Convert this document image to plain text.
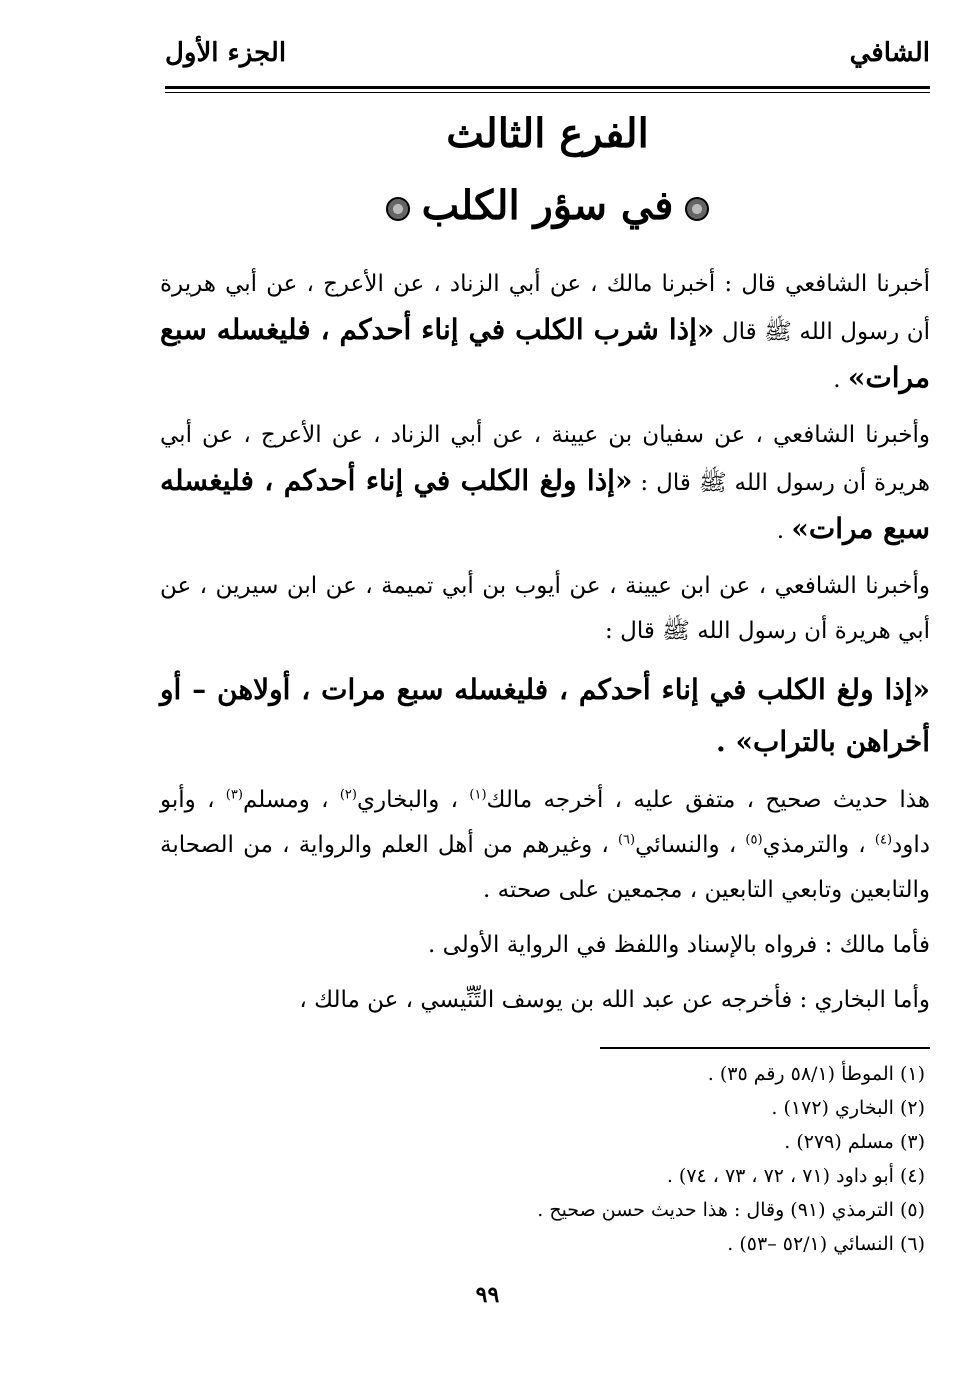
الشافي
الجزء الأول
الفرع الثالث
في سؤر الكلب

أخبرنا الشافعي قال : أخبرنا مالك ، عن أبي الزناد ، عن الأعرج ، عن أبي هريرة أن رسول الله ﷺ قال «إذا شرب الكلب في إناء أحدكم ، فليغسله سبع مرات» .

وأخبرنا الشافعي ، عن سفيان بن عيينة ، عن أبي الزناد ، عن الأعرج ، عن أبي هريرة أن رسول الله ﷺ قال : «إذا ولغ الكلب في إناء أحدكم ، فليغسله سبع مرات» .

وأخبرنا الشافعي ، عن ابن عيينة ، عن أيوب بن أبي تميمة ، عن ابن سيرين ، عن أبي هريرة أن رسول الله ﷺ قال :

«إذا ولغ الكلب في إناء أحدكم ، فليغسله سبع مرات ، أولاهن – أو أخراهن بالتراب» .

هذا حديث صحيح ، متفق عليه ، أخرجه مالك$^{(١)}$ ، والبخاري$^{(٢)}$ ، ومسلم$^{(٣)}$ ، وأبو داود$^{(٤)}$ ، والترمذي$^{(٥)}$ ، والنسائي$^{(٦)}$ ، وغيرهم من أهل العلم والرواية ، من الصحابة والتابعين وتابعي التابعين ، مجمعين على صحته .

فأما مالك : فرواه بالإسناد واللفظ في الرواية الأولى .

وأما البخاري : فأخرجه عن عبد الله بن يوسف التِّنِّيسي ، عن مالك ،

(١) الموطأ (٥٨/١ رقم ٣٥) .
(٢) البخاري (١٧٢) .
(٣) مسلم (٢٧٩) .
(٤) أبو داود (٧١ ، ٧٢ ، ٧٣ ، ٧٤) .
(٥) الترمذي (٩١) وقال : هذا حديث حسن صحيح .
(٦) النسائي (٥٢/١ –٥٣) .
٩٩
